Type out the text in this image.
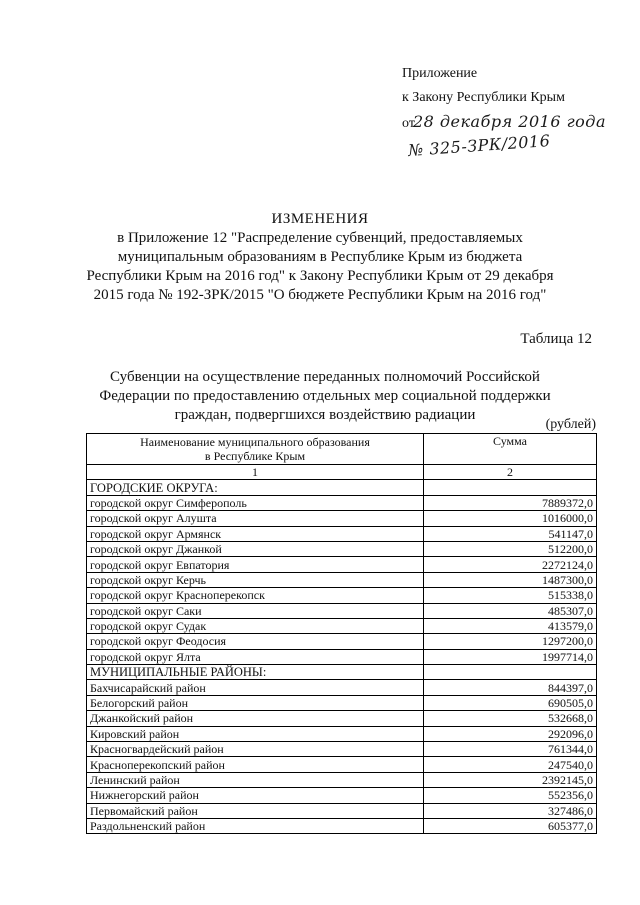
Приложение
к Закону Республики Крым
от28 декабря 2016 года
№ 325-ЗРК/2016
ИЗМЕНЕНИЯ
в Приложение 12 "Распределение субвенций, предоставляемых
муниципальным образованиям в Республике Крым из бюджета
Республики Крым на 2016 год" к Закону Республики Крым от 29 декабря
2015 года № 192-ЗРК/2015 "О бюджете Республики Крым на 2016 год"
Таблица 12
Субвенции на осуществление переданных полномочий Российской
Федерации по предоставлению отдельных мер социальной поддержки
граждан, подвергшихся воздействию радиации
(рублей)
Наименование муниципального образования
в Республике Крым	Сумма
1	2
ГОРОДСКИЕ ОКРУГА:	
городской округ Симферополь	7889372,0
городской округ Алушта	1016000,0
городской округ Армянск	541147,0
городской округ Джанкой	512200,0
городской округ Евпатория	2272124,0
городской округ Керчь	1487300,0
городской округ Красноперекопск	515338,0
городской округ Саки	485307,0
городской округ Судак	413579,0
городской округ Феодосия	1297200,0
городской округ Ялта	1997714,0
МУНИЦИПАЛЬНЫЕ РАЙОНЫ:	
Бахчисарайский район	844397,0
Белогорский район	690505,0
Джанкойский район	532668,0
Кировский район	292096,0
Красногвардейский район	761344,0
Красноперекопский район	247540,0
Ленинский район	2392145,0
Нижнегорский район	552356,0
Первомайский район	327486,0
Раздольненский район	605377,0
